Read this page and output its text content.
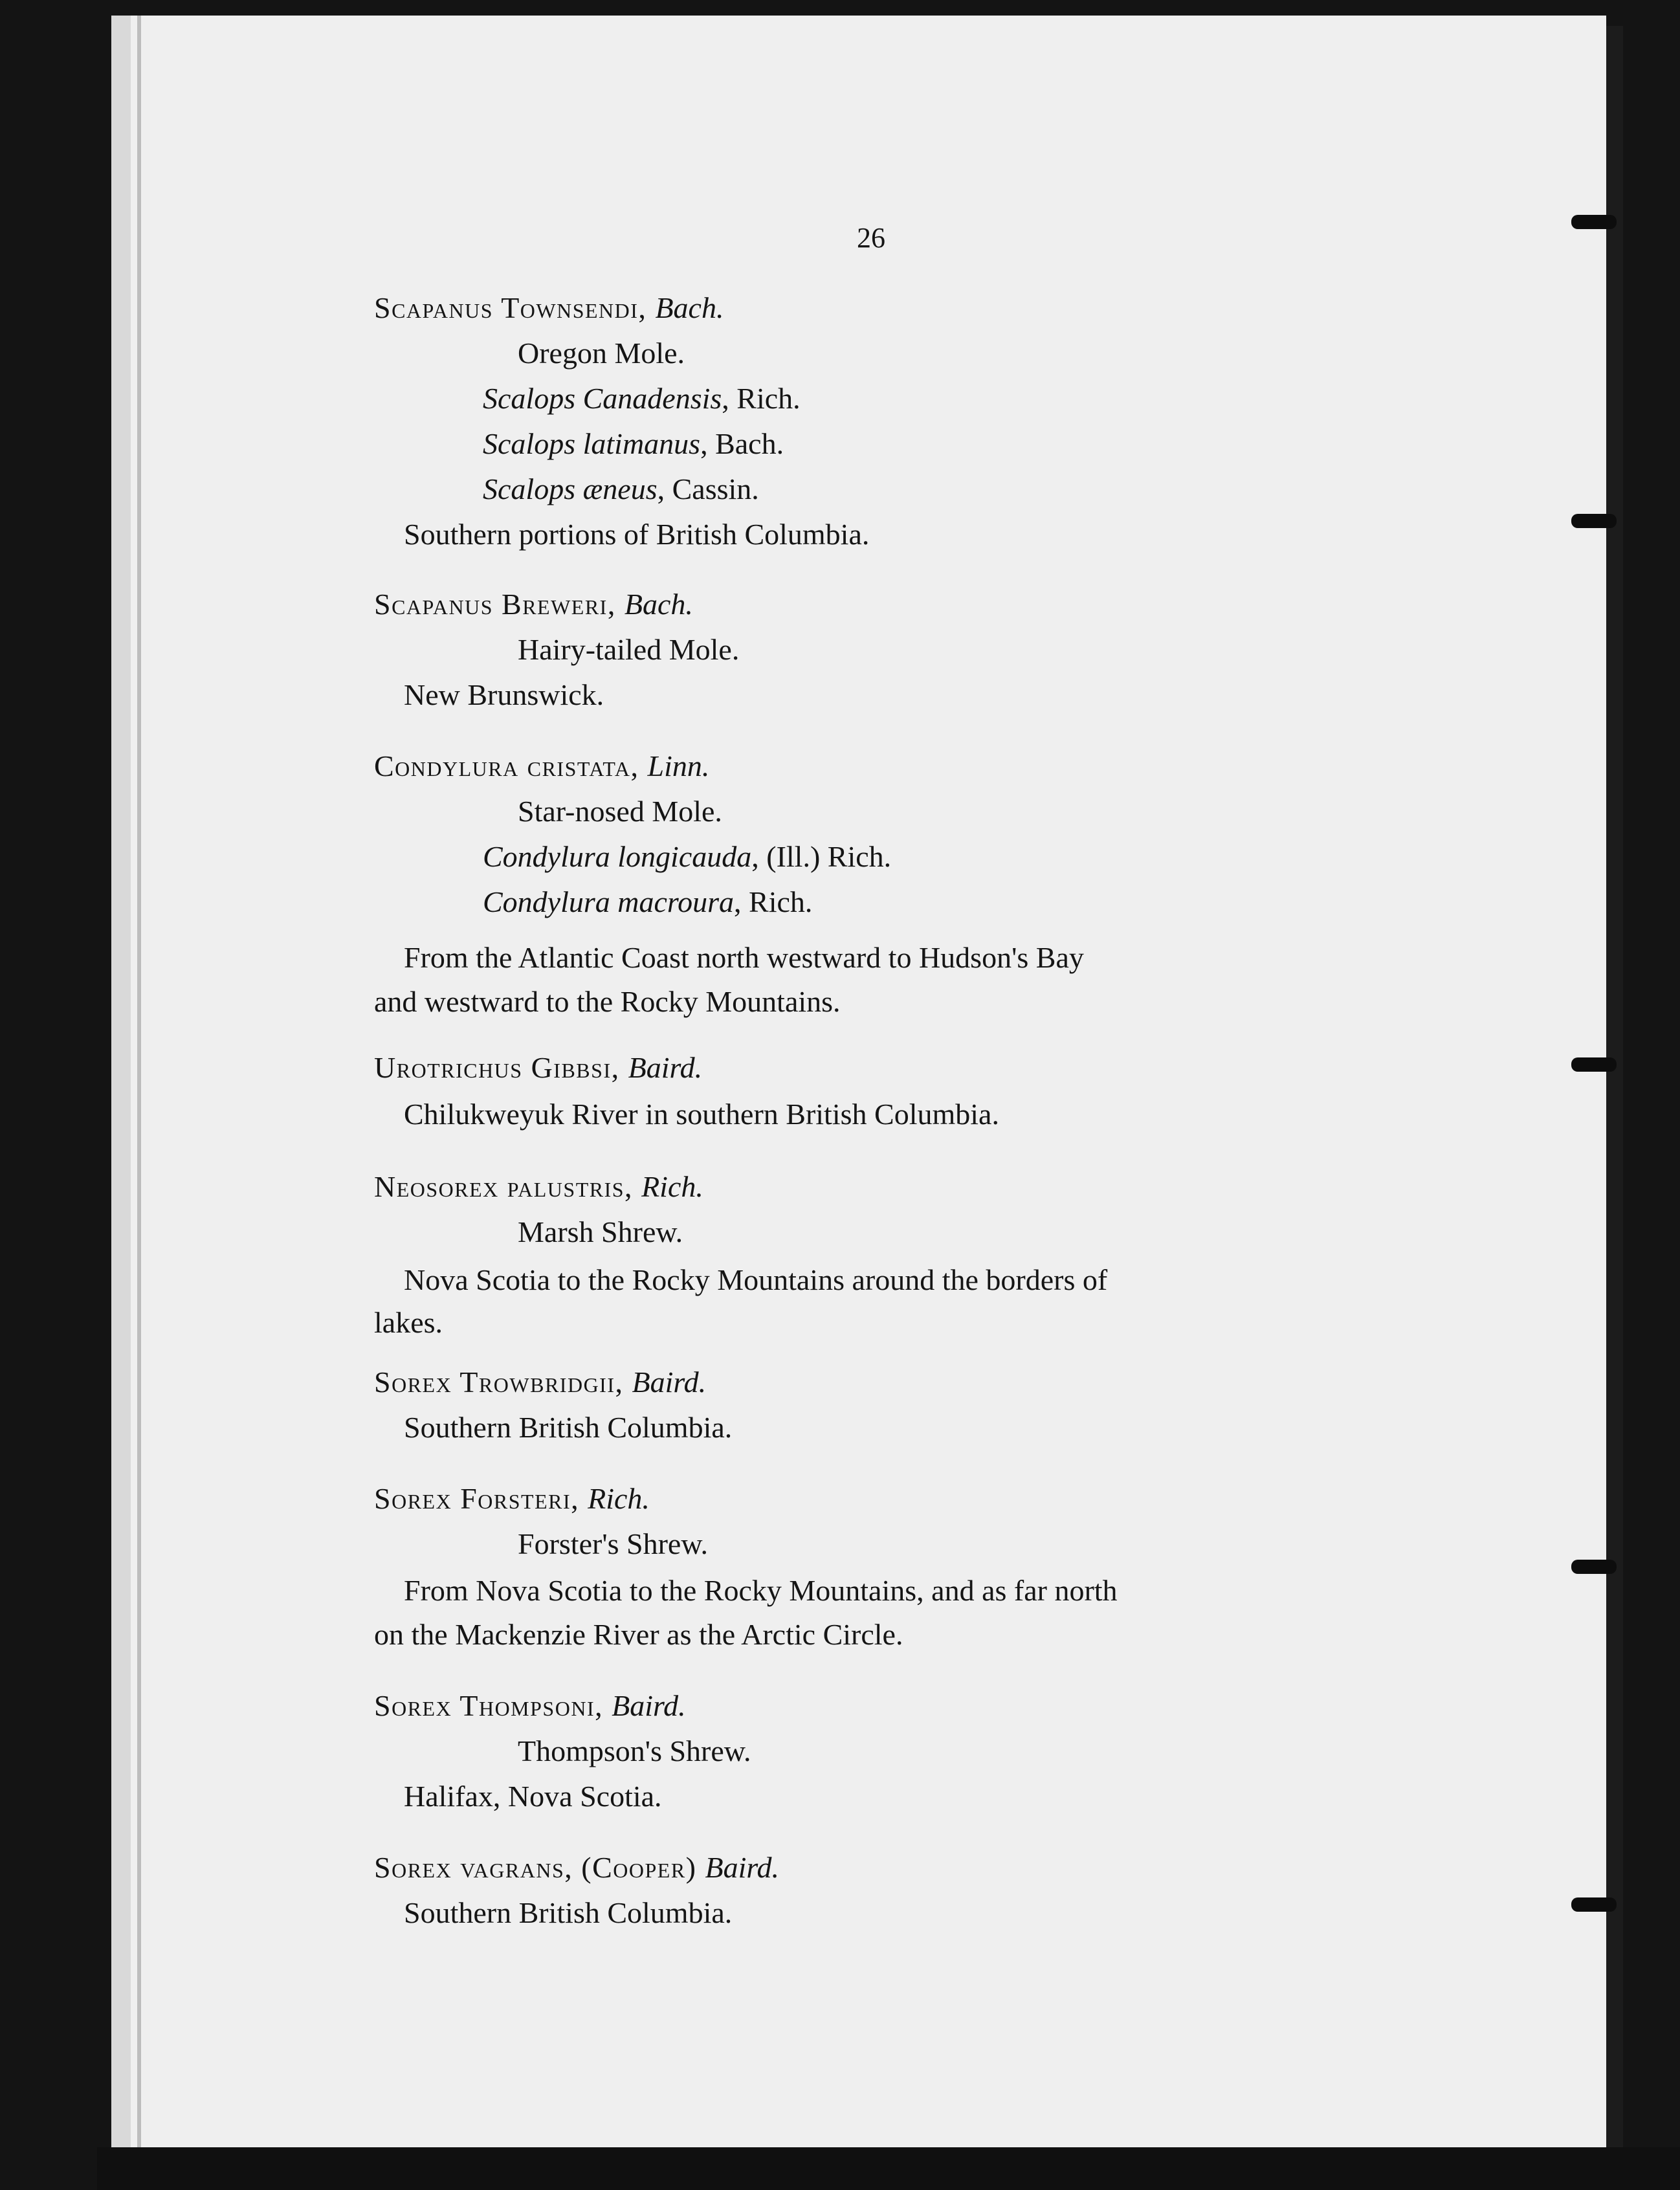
26
Scapanus Townsendi, Bach.
Oregon Mole.
Scalops Canadensis, Rich.
Scalops latimanus, Bach.
Scalops æneus, Cassin.
Southern portions of British Columbia.
Scapanus Breweri, Bach.
Hairy-tailed Mole.
New Brunswick.
Condylura cristata, Linn.
Star-nosed Mole.
Condylura longicauda, (Ill.) Rich.
Condylura macroura, Rich.
From the Atlantic Coast north westward to Hudson's Bay
and westward to the Rocky Mountains.
Urotrichus Gibbsi, Baird.
Chilukweyuk River in southern British Columbia.
Neosorex palustris, Rich.
Marsh Shrew.
Nova Scotia to the Rocky Mountains around the borders of
lakes.
Sorex Trowbridgii, Baird.
Southern British Columbia.
Sorex Forsteri, Rich.
Forster's Shrew.
From Nova Scotia to the Rocky Mountains, and as far north
on the Mackenzie River as the Arctic Circle.
Sorex Thompsoni, Baird.
Thompson's Shrew.
Halifax, Nova Scotia.
Sorex vagrans, (Cooper) Baird.
Southern British Columbia.
